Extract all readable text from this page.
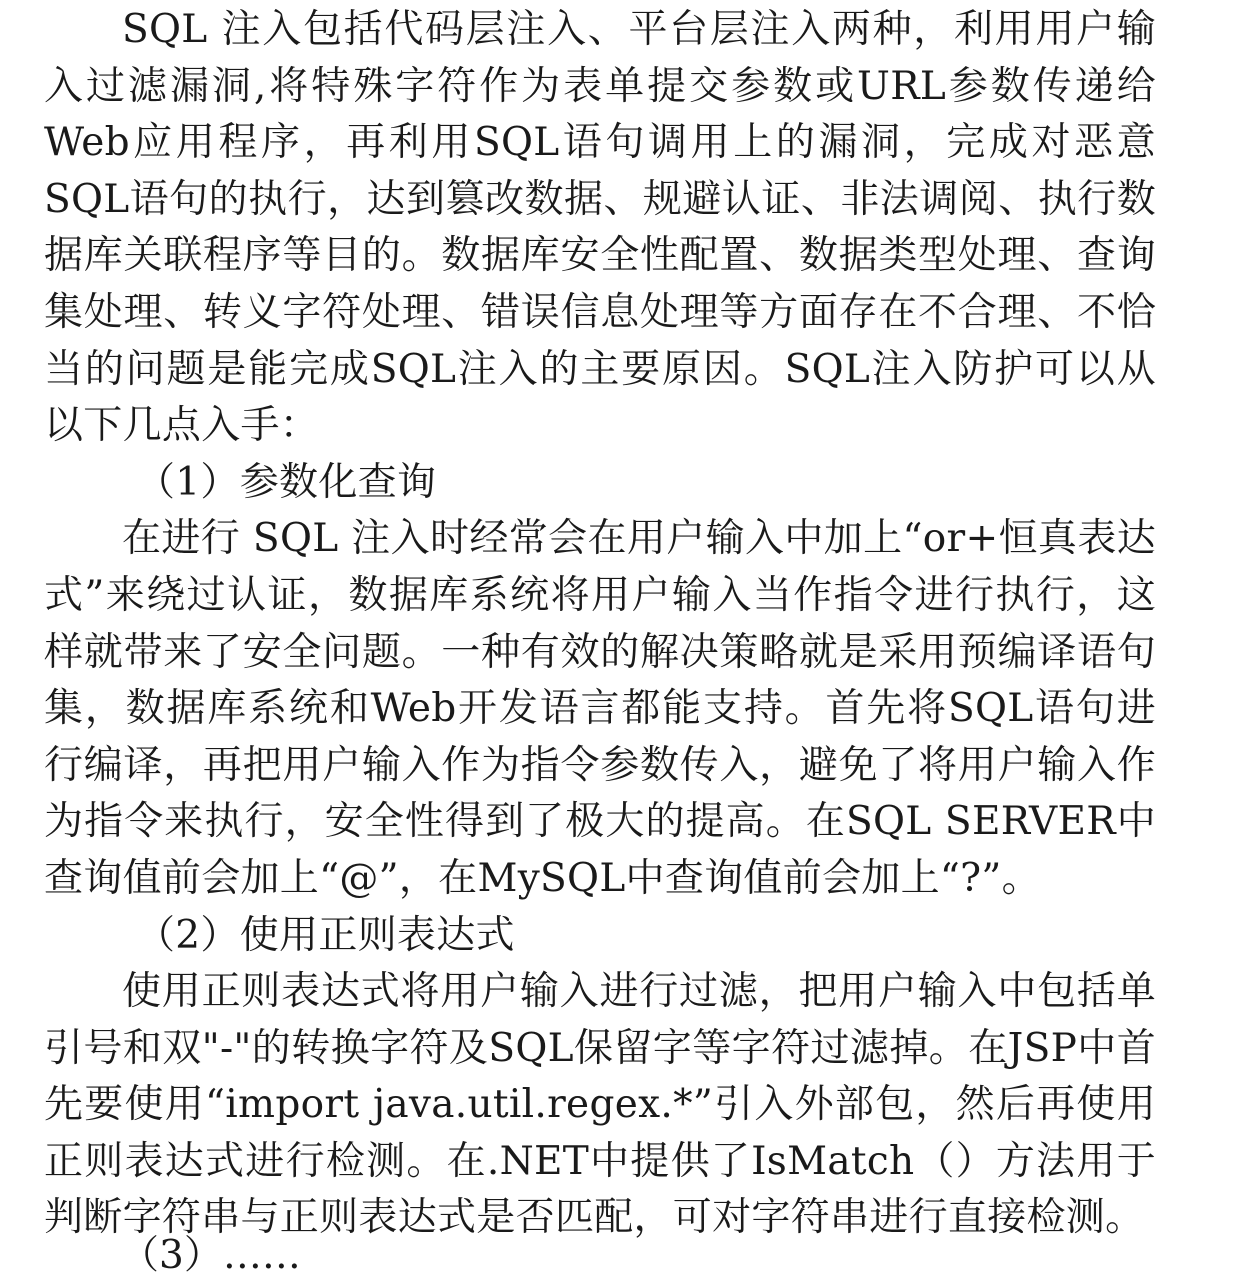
SQL 注入包括代码层注入、平台层注入两种，利用用户输入过滤漏洞,将特殊字符作为表单提交参数或URL参数传递给Web应用程序，再利用SQL语句调用上的漏洞，完成对恶意SQL语句的执行，达到篡改数据、规避认证、非法调阅、执行数据库关联程序等目的。数据库安全性配置、数据类型处理、查询集处理、转义字符处理、错误信息处理等方面存在不合理、不恰当的问题是能完成SQL注入的主要原因。SQL注入防护可以从以下几点入手：

（1）参数化查询

在进行 SQL 注入时经常会在用户输入中加上“or+恒真表达式”来绕过认证，数据库系统将用户输入当作指令进行执行，这样就带来了安全问题。一种有效的解决策略就是采用预编译语句集，数据库系统和Web开发语言都能支持。首先将SQL语句进行编译，再把用户输入作为指令参数传入，避免了将用户输入作为指令来执行，安全性得到了极大的提高。在SQL SERVER中查询值前会加上“@”，在MySQL中查询值前会加上“?”。

（2）使用正则表达式

使用正则表达式将用户输入进行过滤，把用户输入中包括单引号和双"-"的转换字符及SQL保留字等字符过滤掉。在JSP中首先要使用“import java.util.regex.*”引入外部包，然后再使用正则表达式进行检测。在.NET中提供了IsMatch（）方法用于判断字符串与正则表达式是否匹配，可对字符串进行直接检测。

（3）……
